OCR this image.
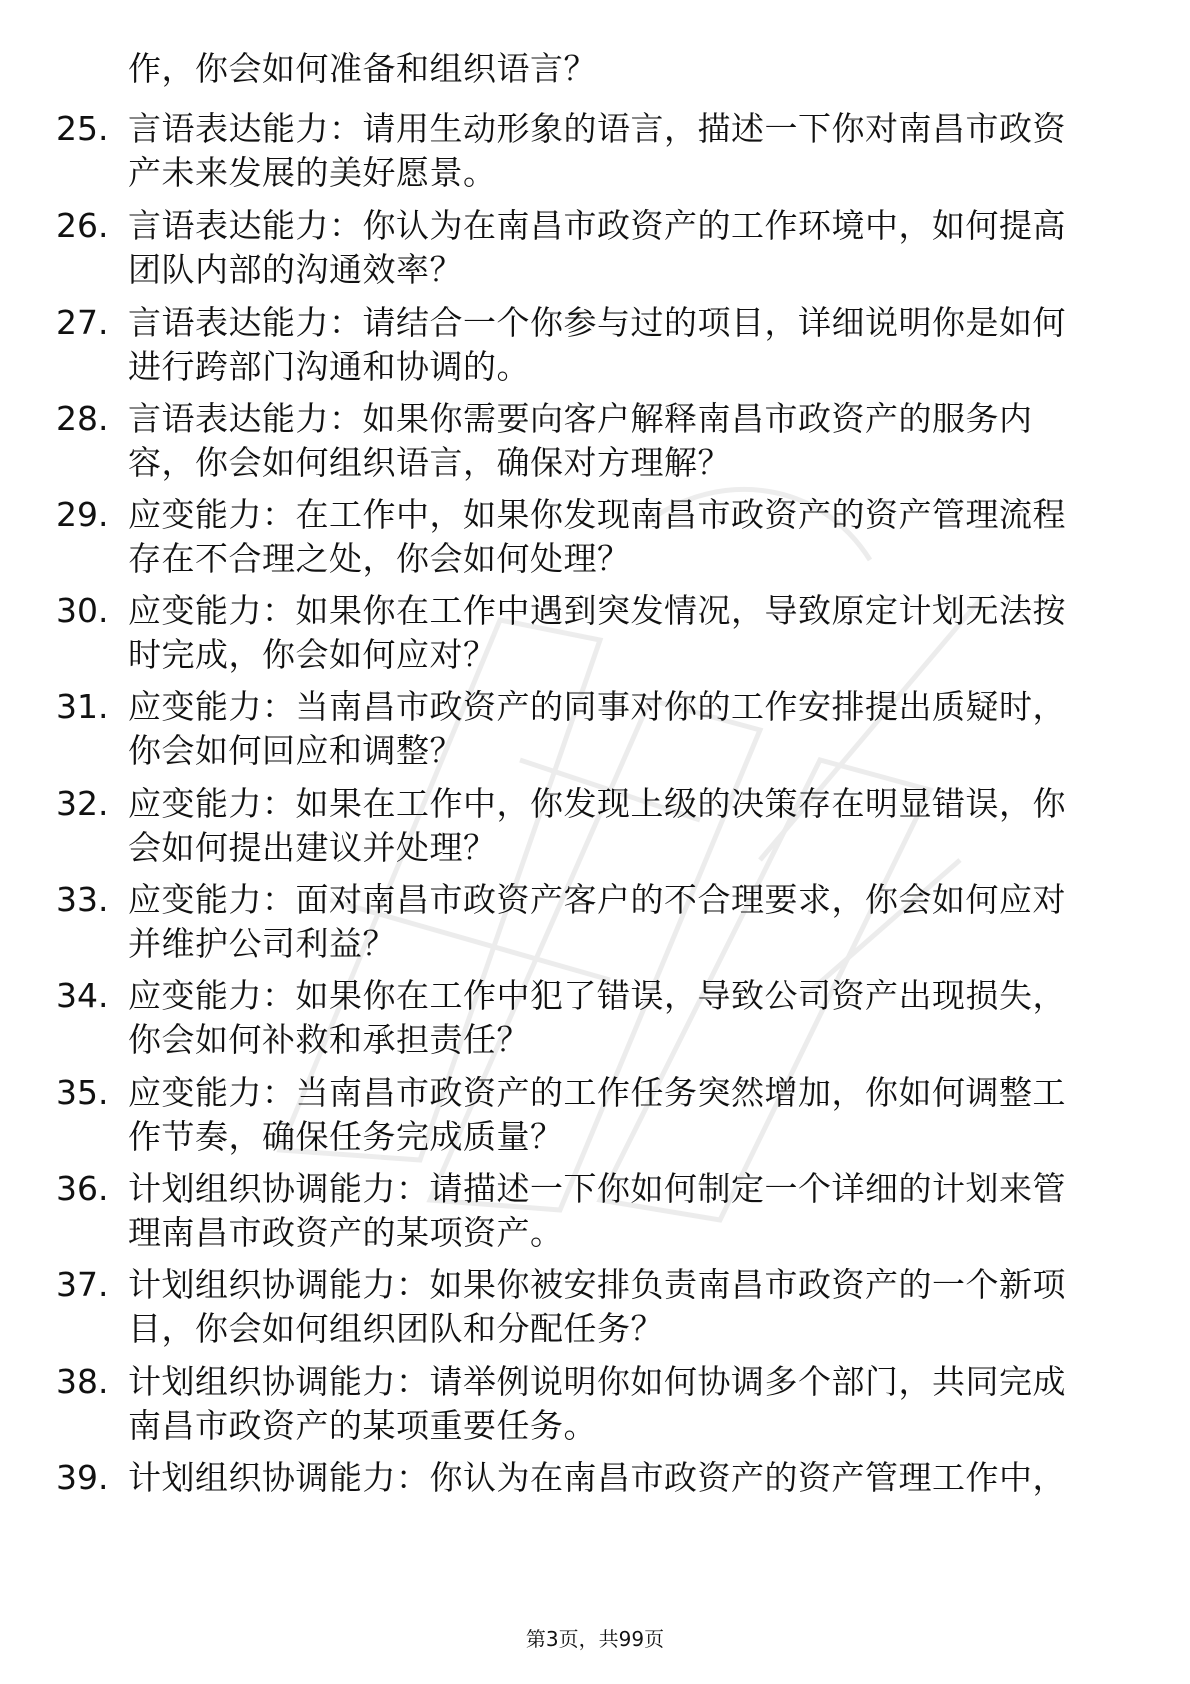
作，你会如何准备和组织语言？
25. 言语表达能力：请用生动形象的语言，描述一下你对南昌市政资
产未来发展的美好愿景。
26. 言语表达能力：你认为在南昌市政资产的工作环境中，如何提高
团队内部的沟通效率？
27. 言语表达能力：请结合一个你参与过的项目，详细说明你是如何
进行跨部门沟通和协调的。
28. 言语表达能力：如果你需要向客户解释南昌市政资产的服务内
容，你会如何组织语言，确保对方理解？
29. 应变能力：在工作中，如果你发现南昌市政资产的资产管理流程
存在不合理之处，你会如何处理？
30. 应变能力：如果你在工作中遇到突发情况，导致原定计划无法按
时完成，你会如何应对？
31. 应变能力：当南昌市政资产的同事对你的工作安排提出质疑时，
你会如何回应和调整？
32. 应变能力：如果在工作中，你发现上级的决策存在明显错误，你
会如何提出建议并处理？
33. 应变能力：面对南昌市政资产客户的不合理要求，你会如何应对
并维护公司利益？
34. 应变能力：如果你在工作中犯了错误，导致公司资产出现损失，
你会如何补救和承担责任？
35. 应变能力：当南昌市政资产的工作任务突然增加，你如何调整工
作节奏，确保任务完成质量？
36. 计划组织协调能力：请描述一下你如何制定一个详细的计划来管
理南昌市政资产的某项资产。
37. 计划组织协调能力：如果你被安排负责南昌市政资产的一个新项
目，你会如何组织团队和分配任务？
38. 计划组织协调能力：请举例说明你如何协调多个部门，共同完成
南昌市政资产的某项重要任务。
39. 计划组织协调能力：你认为在南昌市政资产的资产管理工作中，
第3页，共99页
